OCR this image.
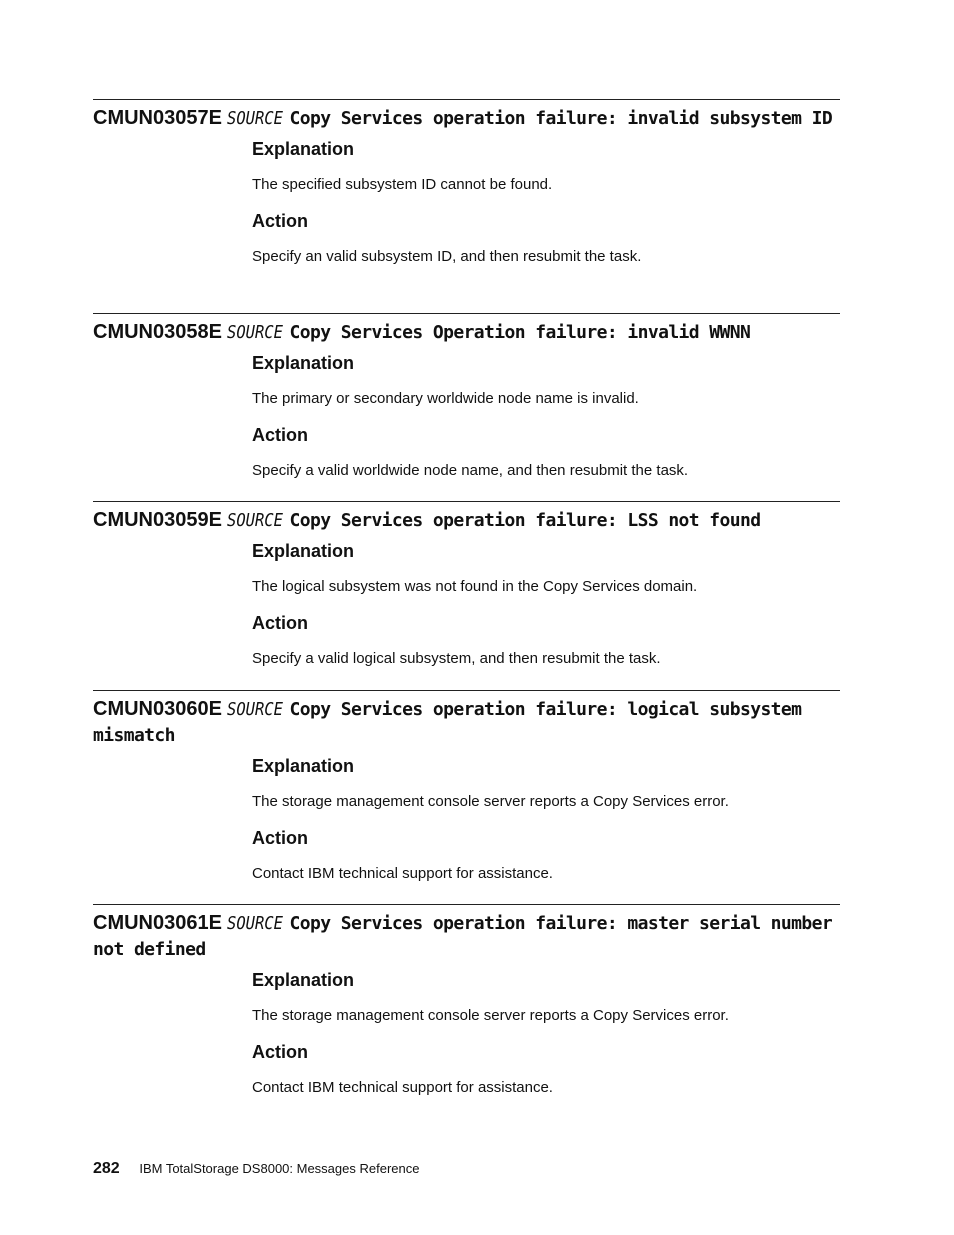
CMUN03057E SOURCE Copy Services operation failure: invalid subsystem ID
Explanation

The specified subsystem ID cannot be found.

Action

Specify an valid subsystem ID, and then resubmit the task.

CMUN03058E SOURCE Copy Services Operation failure: invalid WWNN
Explanation

The primary or secondary worldwide node name is invalid.

Action

Specify a valid worldwide node name, and then resubmit the task.

CMUN03059E SOURCE Copy Services operation failure: LSS not found
Explanation

The logical subsystem was not found in the Copy Services domain.

Action

Specify a valid logical subsystem, and then resubmit the task.

CMUN03060E SOURCE Copy Services operation failure: logical subsystem mismatch
Explanation

The storage management console server reports a Copy Services error.

Action

Contact IBM technical support for assistance.

CMUN03061E SOURCE Copy Services operation failure: master serial number not defined
Explanation

The storage management console server reports a Copy Services error.

Action

Contact IBM technical support for assistance.

282 IBM TotalStorage DS8000: Messages Reference
